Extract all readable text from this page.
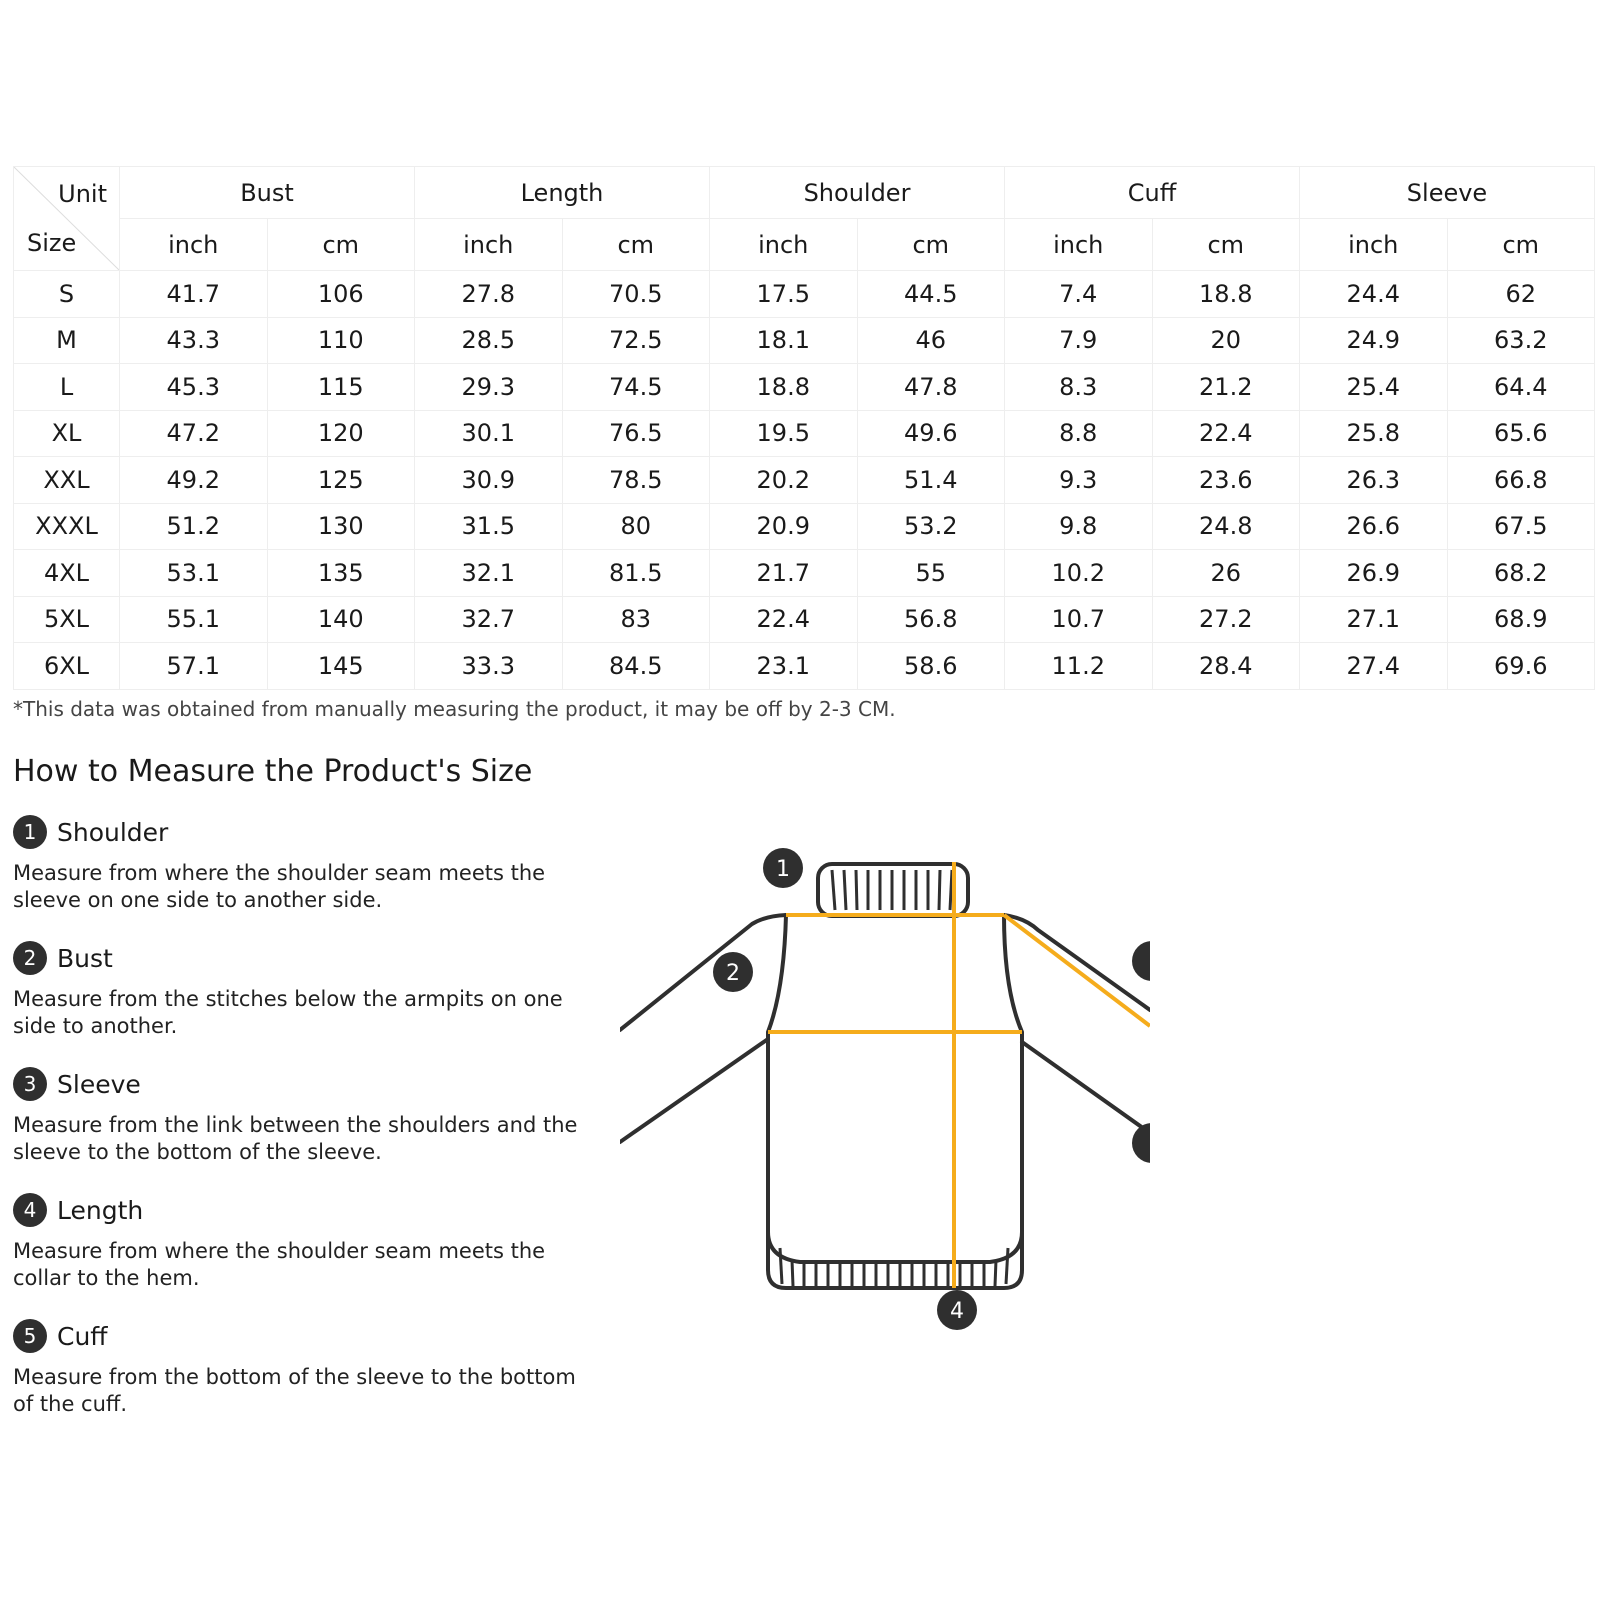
Unit
Size	Bust		Length		Shoulder		Cuff		Sleeve	
	inch	cm	inch	cm	inch	cm	inch	cm	inch	cm
S	41.7	106	27.8	70.5	17.5	44.5	7.4	18.8	24.4	62
M	43.3	110	28.5	72.5	18.1	46	7.9	20	24.9	63.2
L	45.3	115	29.3	74.5	18.8	47.8	8.3	21.2	25.4	64.4
XL	47.2	120	30.1	76.5	19.5	49.6	8.8	22.4	25.8	65.6
XXL	49.2	125	30.9	78.5	20.2	51.4	9.3	23.6	26.3	66.8
XXXL	51.2	130	31.5	80	20.9	53.2	9.8	24.8	26.6	67.5
4XL	53.1	135	32.1	81.5	21.7	55	10.2	26	26.9	68.2
5XL	55.1	140	32.7	83	22.4	56.8	10.7	27.2	27.1	68.9
6XL	57.1	145	33.3	84.5	23.1	58.6	11.2	28.4	27.4	69.6
*This data was obtained from manually measuring the product, it may be off by 2-3 CM.
How to Measure the Product's Size
1 Shoulder
Measure from where the shoulder seam meets the sleeve on one side to another side.
2 Bust
Measure from the stitches below the armpits on one side to another.
3 Sleeve
Measure from the link between the shoulders and the sleeve to the bottom of the sleeve.
4 Length
Measure from where the shoulder seam meets the collar to the hem.
5 Cuff
Measure from the bottom of the sleeve to the bottom of the cuff.
1
2
4
